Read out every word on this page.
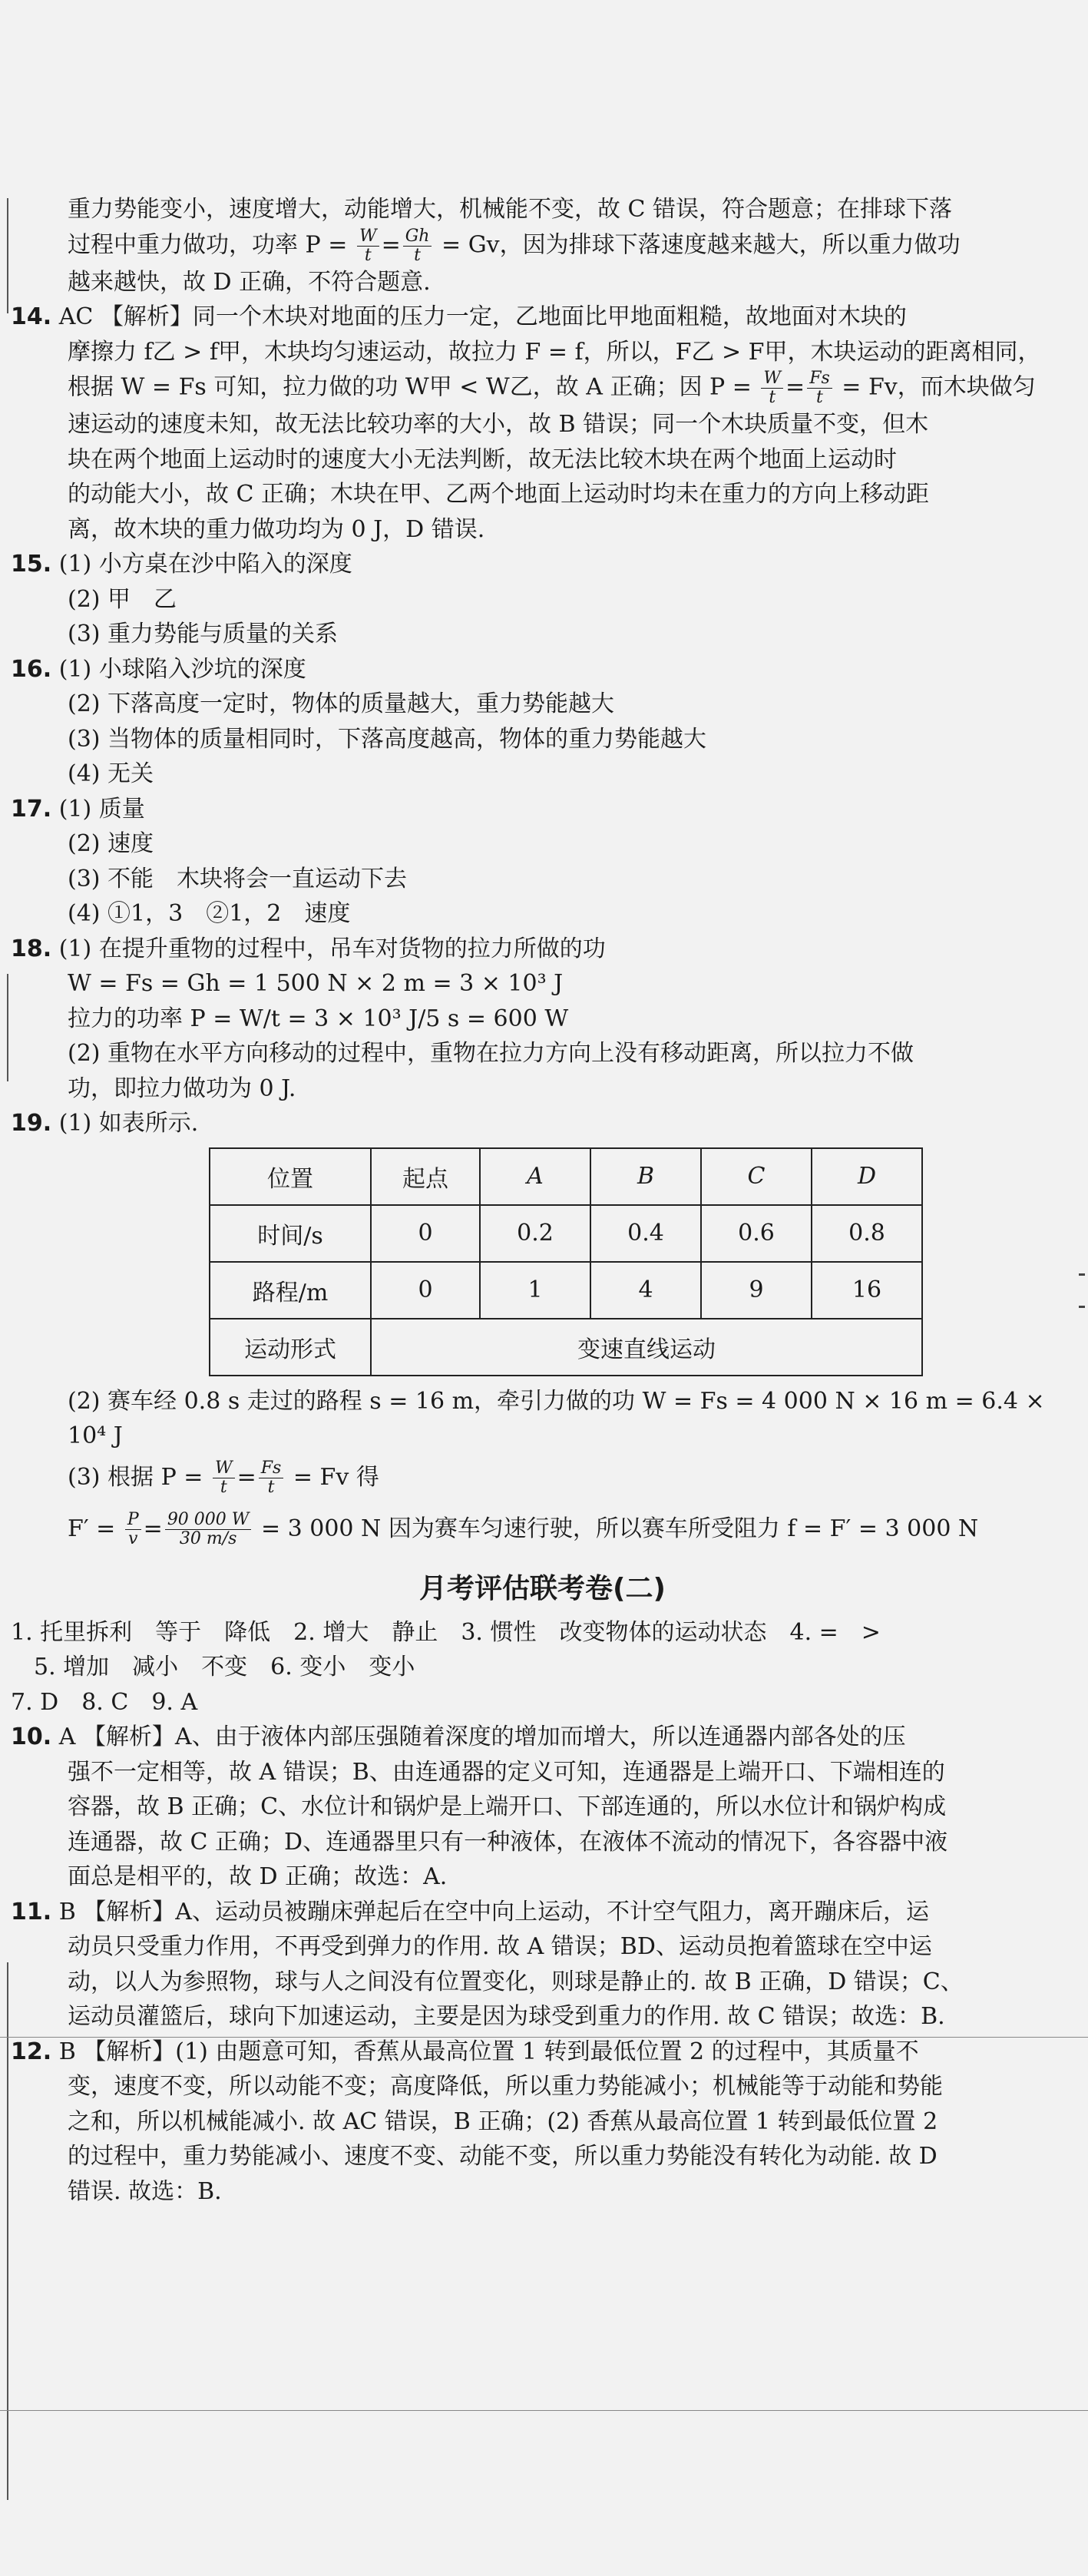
重力势能变小，速度增大，动能增大，机械能不变，故 C 错误，符合题意；在排球下落

过程中重力做功，功率 $P = \frac{W}{t} = \frac{Gh}{t} = Gv$，因为排球下落速度越来越大，所以重力做功

越来越快，故 D 正确，不符合题意.

14. AC 【解析】同一个木块对地面的压力一定，乙地面比甲地面粗糙，故地面对木块的

摩擦力 f乙 > f甲，木块均匀速运动，故拉力 F = f，所以，F乙 > F甲，木块运动的距离相同，

根据 W = Fs 可知，拉力做的功 W甲 < W乙，故 A 正确；因 $P = \frac{W}{t} = \frac{Fs}{t} = Fv$，而木块做匀

速运动的速度未知，故无法比较功率的大小，故 B 错误；同一个木块质量不变，但木

块在两个地面上运动时的速度大小无法判断，故无法比较木块在两个地面上运动时

的动能大小，故 C 正确；木块在甲、乙两个地面上运动时均未在重力的方向上移动距

离，故木块的重力做功均为 0 J，D 错误.

15. (1) 小方桌在沙中陷入的深度

(2) 甲　乙

(3) 重力势能与质量的关系

16. (1) 小球陷入沙坑的深度

(2) 下落高度一定时，物体的质量越大，重力势能越大

(3) 当物体的质量相同时，下落高度越高，物体的重力势能越大

(4) 无关

17. (1) 质量

(2) 速度

(3) 不能　木块将会一直运动下去

(4) ①1，3　②1，2　速度

18. (1) 在提升重物的过程中，吊车对货物的拉力所做的功

W = Fs = Gh = 1 500 N × 2 m = 3 × 10³ J

拉力的功率 P = W/t = 3 × 10³ J/5 s = 600 W

(2) 重物在水平方向移动的过程中，重物在拉力方向上没有移动距离，所以拉力不做

功，即拉力做功为 0 J.

19. (1) 如表所示.

位置	起点	A	B	C	D
时间/s	0	0.2	0.4	0.6	0.8
路程/m	0	1	4	9	16
运动形式	变速直线运动				

(2) 赛车经 0.8 s 走过的路程 s = 16 m，牵引力做的功 W = Fs = 4 000 N × 16 m = 6.4 ×

10⁴ J

(3) 根据 $P = \frac{W}{t} = \frac{Fs}{t} = Fv$ 得

$F' = \frac{P}{v} = \frac{90 000 W}{30 m/s} = 3$ 000 N 因为赛车匀速行驶，所以赛车所受阻力 f = F′ = 3 000 N

月考评估联考卷(二)

1. 托里拆利　等于　降低　2. 增大　静止　3. 惯性　改变物体的运动状态　4. =　>

5. 增加　减小　不变　6. 变小　变小

7. D　8. C　9. A

10. A 【解析】A、由于液体内部压强随着深度的增加而增大，所以连通器内部各处的压

强不一定相等，故 A 错误；B、由连通器的定义可知，连通器是上端开口、下端相连的

容器，故 B 正确；C、水位计和锅炉是上端开口、下部连通的，所以水位计和锅炉构成

连通器，故 C 正确；D、连通器里只有一种液体，在液体不流动的情况下，各容器中液

面总是相平的，故 D 正确；故选：A.

11. B 【解析】A、运动员被蹦床弹起后在空中向上运动，不计空气阻力，离开蹦床后，运

动员只受重力作用，不再受到弹力的作用. 故 A 错误；BD、运动员抱着篮球在空中运

动，以人为参照物，球与人之间没有位置变化，则球是静止的. 故 B 正确，D 错误；C、

运动员灌篮后，球向下加速运动，主要是因为球受到重力的作用. 故 C 错误；故选：B.

12. B 【解析】(1) 由题意可知，香蕉从最高位置 1 转到最低位置 2 的过程中，其质量不

变，速度不变，所以动能不变；高度降低，所以重力势能减小；机械能等于动能和势能

之和，所以机械能减小. 故 AC 错误，B 正确；(2) 香蕉从最高位置 1 转到最低位置 2

的过程中，重力势能减小、速度不变、动能不变，所以重力势能没有转化为动能. 故 D

错误. 故选：B.
